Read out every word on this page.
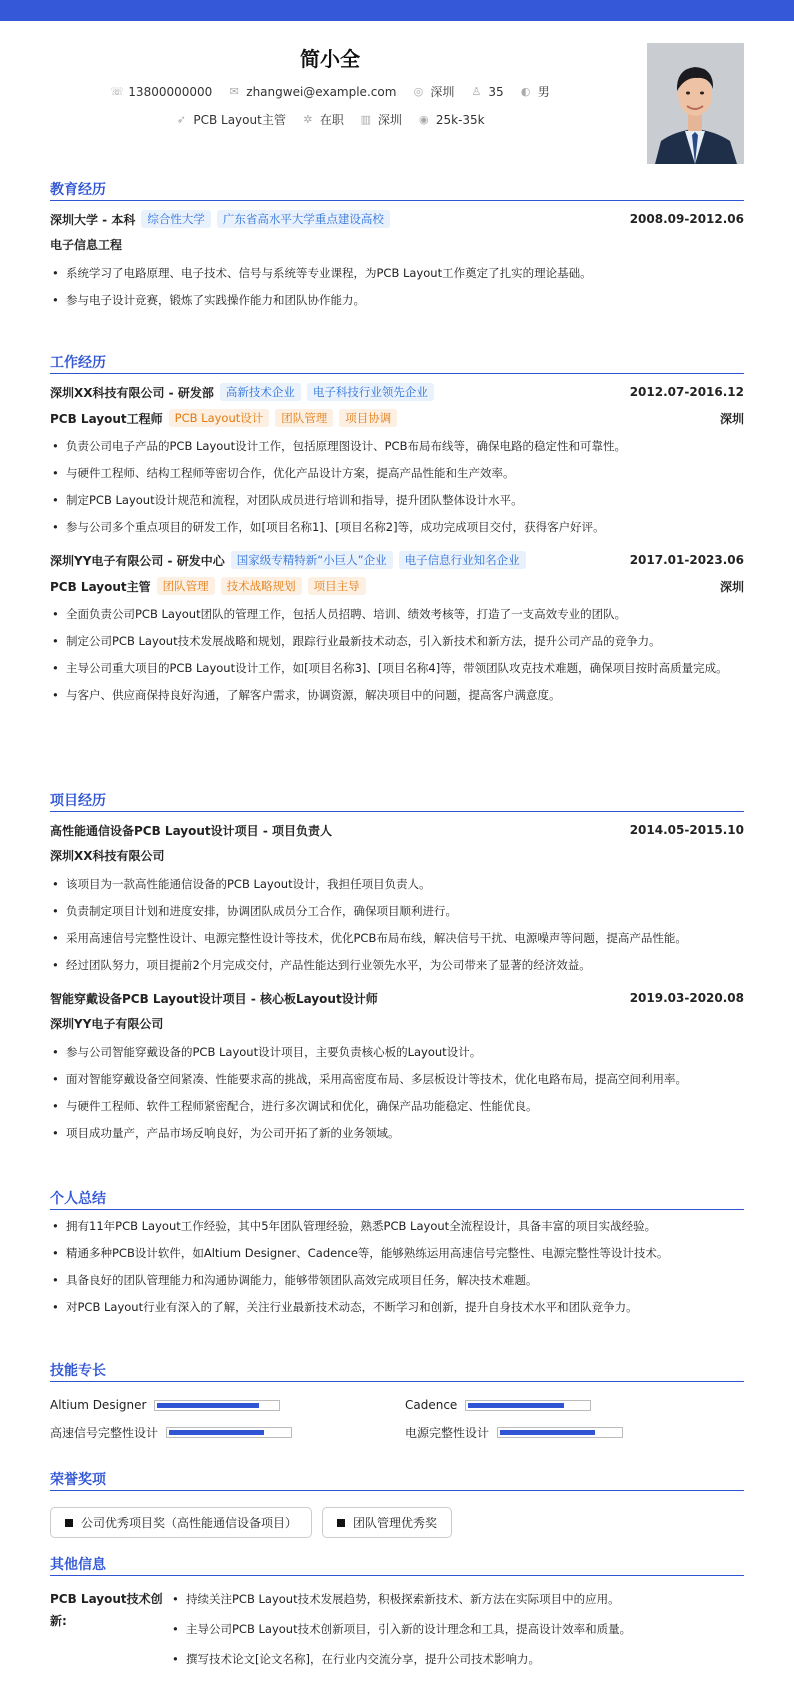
简小全
☏ 13800000000 ✉ zhangwei@example.com ◎ 深圳 ♙ 35 ◐ 男
➶ PCB Layout主管 ✲ 在职 ▥ 深圳 ◉ 25k-35k
教育经历
深圳大学 - 本科	综合性大学	广东省高水平大学重点建设高校	2008.09-2012.06
电子信息工程
• 系统学习了电路原理、电子技术、信号与系统等专业课程，为PCB Layout工作奠定了扎实的理论基础。
• 参与电子设计竞赛，锻炼了实践操作能力和团队协作能力。
工作经历
深圳XX科技有限公司 - 研发部	高新技术企业	电子科技行业领先企业	2012.07-2016.12
PCB Layout工程师	PCB Layout设计	团队管理	项目协调	深圳
• 负责公司电子产品的PCB Layout设计工作，包括原理图设计、PCB布局布线等，确保电路的稳定性和可靠性。
• 与硬件工程师、结构工程师等密切合作，优化产品设计方案，提高产品性能和生产效率。
• 制定PCB Layout设计规范和流程，对团队成员进行培训和指导，提升团队整体设计水平。
• 参与公司多个重点项目的研发工作，如[项目名称1]、[项目名称2]等，成功完成项目交付，获得客户好评。
深圳YY电子有限公司 - 研发中心	国家级专精特新“小巨人”企业	电子信息行业知名企业	2017.01-2023.06
PCB Layout主管	团队管理	技术战略规划	项目主导	深圳
• 全面负责公司PCB Layout团队的管理工作，包括人员招聘、培训、绩效考核等，打造了一支高效专业的团队。
• 制定公司PCB Layout技术发展战略和规划，跟踪行业最新技术动态，引入新技术和新方法，提升公司产品的竞争力。
• 主导公司重大项目的PCB Layout设计工作，如[项目名称3]、[项目名称4]等，带领团队攻克技术难题，确保项目按时高质量完成。
• 与客户、供应商保持良好沟通，了解客户需求，协调资源，解决项目中的问题，提高客户满意度。
项目经历
高性能通信设备PCB Layout设计项目 - 项目负责人	2014.05-2015.10
深圳XX科技有限公司
• 该项目为一款高性能通信设备的PCB Layout设计，我担任项目负责人。
• 负责制定项目计划和进度安排，协调团队成员分工合作，确保项目顺利进行。
• 采用高速信号完整性设计、电源完整性设计等技术，优化PCB布局布线，解决信号干扰、电源噪声等问题，提高产品性能。
• 经过团队努力，项目提前2个月完成交付，产品性能达到行业领先水平，为公司带来了显著的经济效益。
智能穿戴设备PCB Layout设计项目 - 核心板Layout设计师	2019.03-2020.08
深圳YY电子有限公司
• 参与公司智能穿戴设备的PCB Layout设计项目，主要负责核心板的Layout设计。
• 面对智能穿戴设备空间紧凑、性能要求高的挑战，采用高密度布局、多层板设计等技术，优化电路布局，提高空间利用率。
• 与硬件工程师、软件工程师紧密配合，进行多次调试和优化，确保产品功能稳定、性能优良。
• 项目成功量产，产品市场反响良好，为公司开拓了新的业务领域。
个人总结
• 拥有11年PCB Layout工作经验，其中5年团队管理经验，熟悉PCB Layout全流程设计，具备丰富的项目实战经验。
• 精通多种PCB设计软件，如Altium Designer、Cadence等，能够熟练运用高速信号完整性、电源完整性等设计技术。
• 具备良好的团队管理能力和沟通协调能力，能够带领团队高效完成项目任务，解决技术难题。
• 对PCB Layout行业有深入的了解，关注行业最新技术动态，不断学习和创新，提升自身技术水平和团队竞争力。
技能专长
Altium Designer	Cadence
高速信号完整性设计	电源完整性设计
荣誉奖项
公司优秀项目奖（高性能通信设备项目）	团队管理优秀奖
其他信息
PCB Layout技术创新:
• 持续关注PCB Layout技术发展趋势，积极探索新技术、新方法在实际项目中的应用。
• 主导公司PCB Layout技术创新项目，引入新的设计理念和工具，提高设计效率和质量。
• 撰写技术论文[论文名称]，在行业内交流分享，提升公司技术影响力。
